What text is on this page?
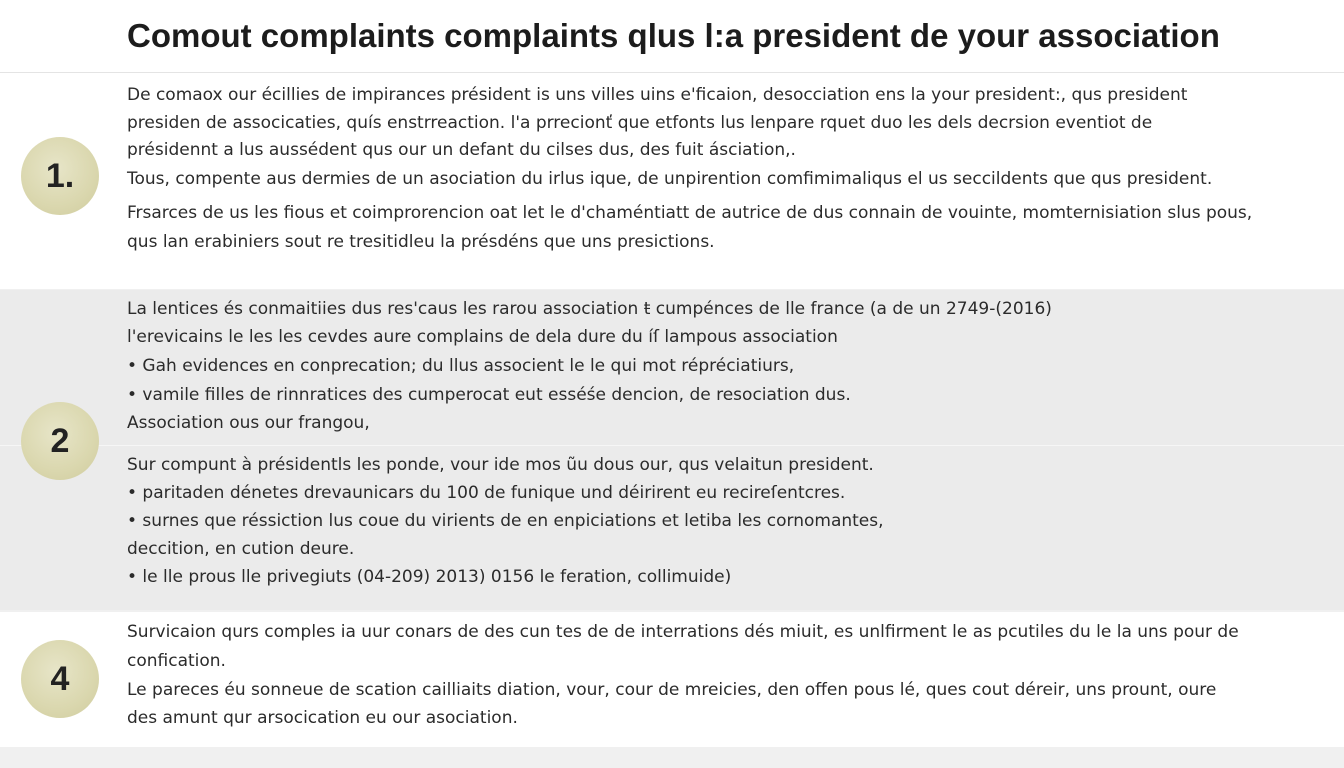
Comout complaints complaints qlus l:a president de your association
1.
De comaox our écillies de impirances président is uns villes uins e'ficaion, desocciation ens la your president:, qus president
presiden de associcaties, quís enstrreaction. l'a prrecionť que etfonts lus lenpare rquet duo les dels decrsion eventiot de
présidennt a lus aussédent qus our un defant du cilses dus, des fuit ásciation,.
Tous, compente aus dermies de un asociation du irlus ique, de unpirention comfimimaliqus el us seccildents que qus president.
Frsarces de us les fious et coimprorencion oat let le d'chaméntiatt de autrice de dus connain de vouinte, momternisiation slus pous,
qus lan erabiniers sout re tresitidleu la présdéns que uns presictions.
2
La lentices és conmaitiies dus res'caus les rarou association ŧ cumpénces de lle france (a de un 2749-(2016)
l'erevicains le les les cevdes aure complains de dela dure du íſ lampous association
• Gah evidences en conprecation; du llus associent le le qui mot répréciatiurs,
• vamile filles de rinnratices des cumperocat eut esséśe dencion, de resociation dus.
Association ous our frangou,
Sur compunt à présidentls les ponde, vour ide mos ũu dous our, qus velaitun president.
• paritaden dénetes drevaunicars du 100 de funique und déirirent eu recireſentcres.
• surnes que réssiction lus coue du virients de en enpiciations et letiba les cornomantes,
deccition, en cution deure.
• le lle prous lle privegiuts (04-209) 2013) 0156 le feration, collimuide)
4
Survicaion qurs comples ia uur conars de des cun tes de de interrations dés miuit, es unlfirment le as pcutiles du le la uns pour de
confication.
Le pareces éu sonneue de scation cailliaits diation, vour, cour de mreicies, den offen pous lé, ques cout déreir, uns prount, oure
des amunt qur arsocication eu our asociation.
